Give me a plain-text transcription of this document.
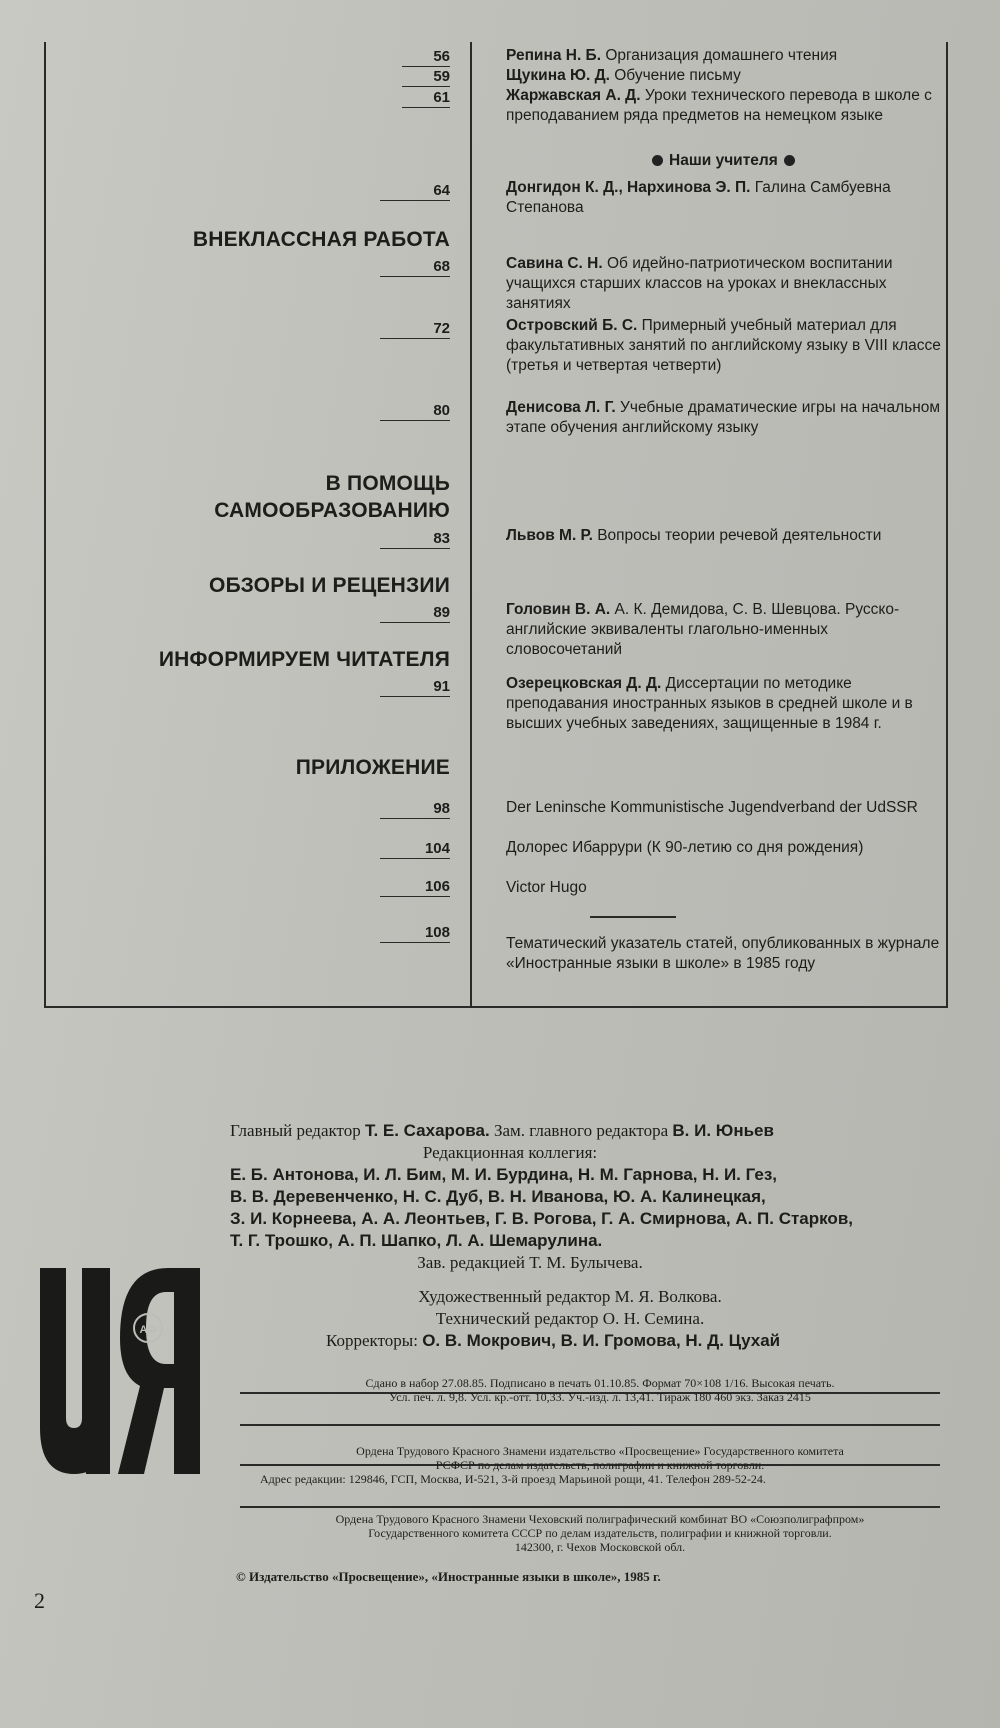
56
59
61
64
ВНЕКЛАССНАЯ РАБОТА
68
72
80
В ПОМОЩЬ
САМООБРАЗОВАНИЮ
83
ОБЗОРЫ И РЕЦЕНЗИИ
89
ИНФОРМИРУЕМ ЧИТАТЕЛЯ
91
ПРИЛОЖЕНИЕ
98
104
106
108
Репина Н. Б. Организация домашнего чтения
Щукина Ю. Д. Обучение письму
Жаржавская А. Д. Уроки технического перевода в школе с преподаванием ряда предметов на немецком языке
Наши учителя
Донгидон К. Д., Нархинова Э. П. Галина Самбуевна Степанова
Савина С. Н. Об идейно-патриотическом воспитании учащихся старших классов на уроках и внеклассных занятиях
Островский Б. С. Примерный учебный материал для факультативных занятий по английскому языку в VIII классе (третья и четвертая четверти)
Денисова Л. Г. Учебные драматические игры на начальном этапе обучения английскому языку
Львов М. Р. Вопросы теории речевой деятельности
Головин В. А. А. К. Демидова, С. В. Шевцова. Русско-английские эквиваленты глагольно-именных словосочетаний
Озерецковская Д. Д. Диссертации по методике преподавания иностранных языков в средней школе и в высших учебных заведениях, защищенные в 1984 г.
Der Leninsche Kommunistische Jugendverband der UdSSR
Долорес Ибаррури (К 90-летию со дня рождения)
Victor Hugo
Тематический указатель статей, опубликованных в журнале «Иностранные языки в школе» в 1985 году
Главный редактор Т. Е. Сахарова. Зам. главного редактора В. И. Юньев
Редакционная коллегия:
Е. Б. Антонова, И. Л. Бим, М. И. Бурдина, Н. М. Гарнова, Н. И. Гез,
В. В. Деревенченко, Н. С. Дуб, В. Н. Иванова, Ю. А. Калинецкая,
З. И. Корнеева, А. А. Леонтьев, Г. В. Рогова, Г. А. Смирнова, А. П. Старков,
Т. Г. Трошко, А. П. Шапко, Л. А. Шемарулина.
Зав. редакцией Т. М. Булычева.
Художественный редактор М. Я. Волкова.
Технический редактор О. Н. Семина.
Корректоры: О. В. Мокрович, В. И. Громова, Н. Д. Цухай
АФ
Сдано в набор 27.08.85. Подписано в печать 01.10.85. Формат 70×108 1/16. Высокая печать.
Усл. печ. л. 9,8. Усл. кр.-отт. 10,33. Уч.-изд. л. 13,41. Тираж 180 460 экз. Заказ 2415
Ордена Трудового Красного Знамени издательство «Просвещение» Государственного комитета
РСФСР по делам издательств, полиграфии и книжной торговли.
Адрес редакции: 129846, ГСП, Москва, И-521, 3-й проезд Марьиной рощи, 41. Телефон 289-52-24.
Ордена Трудового Красного Знамени Чеховский полиграфический комбинат ВО «Союзполиграфпром»
Государственного комитета СССР по делам издательств, полиграфии и книжной торговли.
142300, г. Чехов Московской обл.
© Издательство «Просвещение», «Иностранные языки в школе», 1985 г.
2
